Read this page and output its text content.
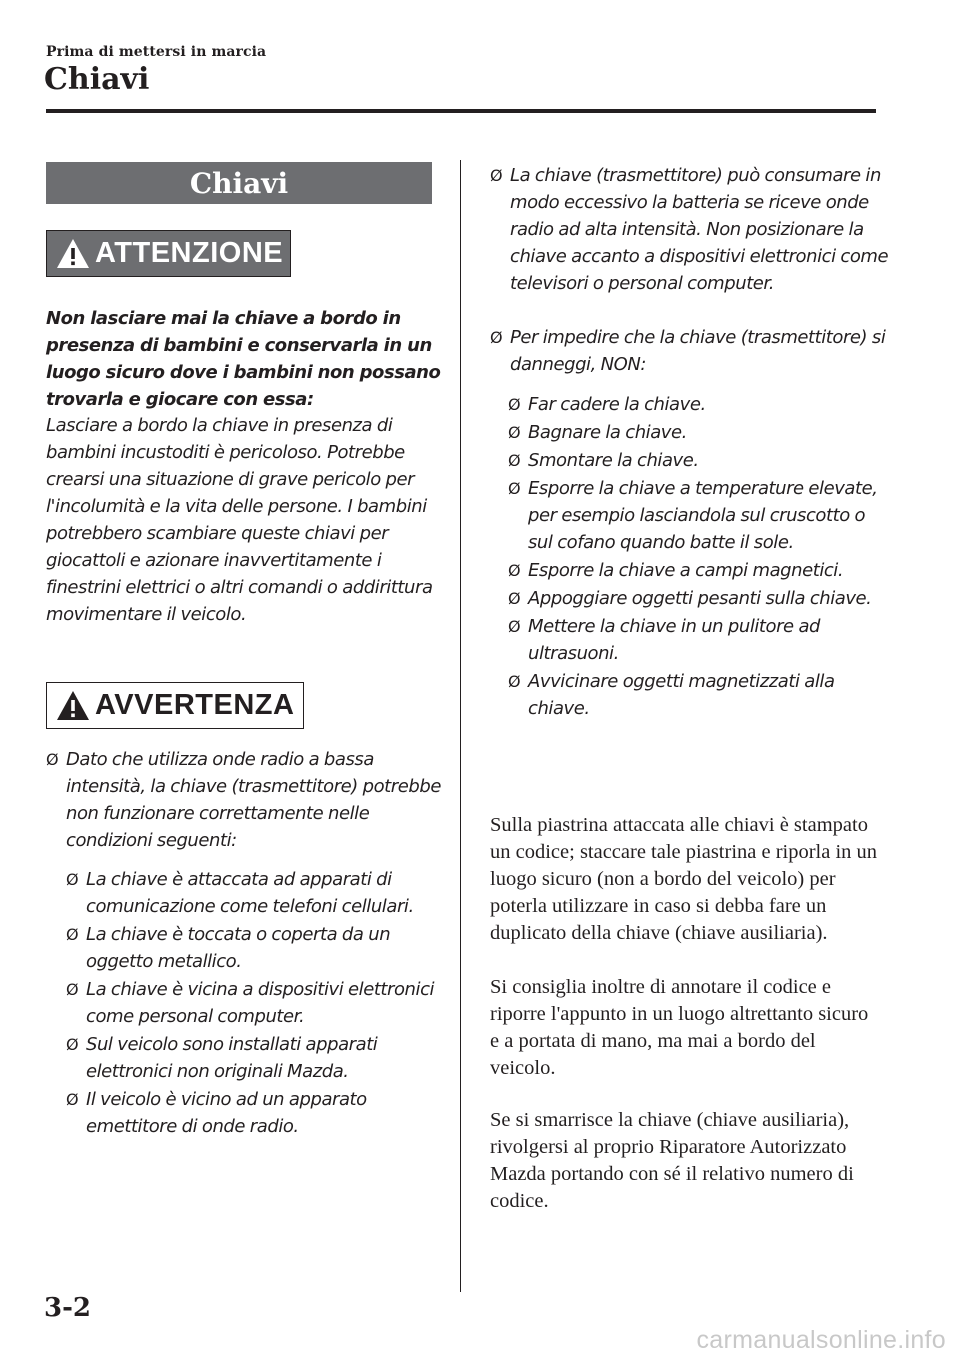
Prima di mettersi in marcia
Chiavi
Chiavi
ATTENZIONE
Non lasciare mai la chiave a bordo in presenza di bambini e conservarla in un luogo sicuro dove i bambini non possano trovarla e giocare con essa:
Lasciare a bordo la chiave in presenza di bambini incustoditi è pericoloso. Potrebbe crearsi una situazione di grave pericolo per l'incolumità e la vita delle persone. I bambini potrebbero scambiare queste chiavi per giocattoli e azionare inavvertitamente i finestrini elettrici o altri comandi o addirittura movimentare il veicolo.
AVVERTENZA
Ø Dato che utilizza onde radio a bassa intensità, la chiave (trasmettitore) potrebbe non funzionare correttamente nelle condizioni seguenti:
Ø La chiave è attaccata ad apparati di comunicazione come telefoni cellulari.
Ø La chiave è toccata o coperta da un oggetto metallico.
Ø La chiave è vicina a dispositivi elettronici come personal computer.
Ø Sul veicolo sono installati apparati elettronici non originali Mazda.
Ø Il veicolo è vicino ad un apparato emettitore di onde radio.
Ø La chiave (trasmettitore) può consumare in modo eccessivo la batteria se riceve onde radio ad alta intensità. Non posizionare la chiave accanto a dispositivi elettronici come televisori o personal computer.
Ø Per impedire che la chiave (trasmettitore) si danneggi, NON:
Ø Far cadere la chiave.
Ø Bagnare la chiave.
Ø Smontare la chiave.
Ø Esporre la chiave a temperature elevate, per esempio lasciandola sul cruscotto o sul cofano quando batte il sole.
Ø Esporre la chiave a campi magnetici.
Ø Appoggiare oggetti pesanti sulla chiave.
Ø Mettere la chiave in un pulitore ad ultrasuoni.
Ø Avvicinare oggetti magnetizzati alla chiave.
Sulla piastrina attaccata alle chiavi è stampato un codice; staccare tale piastrina e riporla in un luogo sicuro (non a bordo del veicolo) per poterla utilizzare in caso si debba fare un duplicato della chiave (chiave ausiliaria).
Si consiglia inoltre di annotare il codice e riporre l'appunto in un luogo altrettanto sicuro e a portata di mano, ma mai a bordo del veicolo.
Se si smarrisce la chiave (chiave ausiliaria), rivolgersi al proprio Riparatore Autorizzato Mazda portando con sé il relativo numero di codice.
3-2
carmanualsonline.info
